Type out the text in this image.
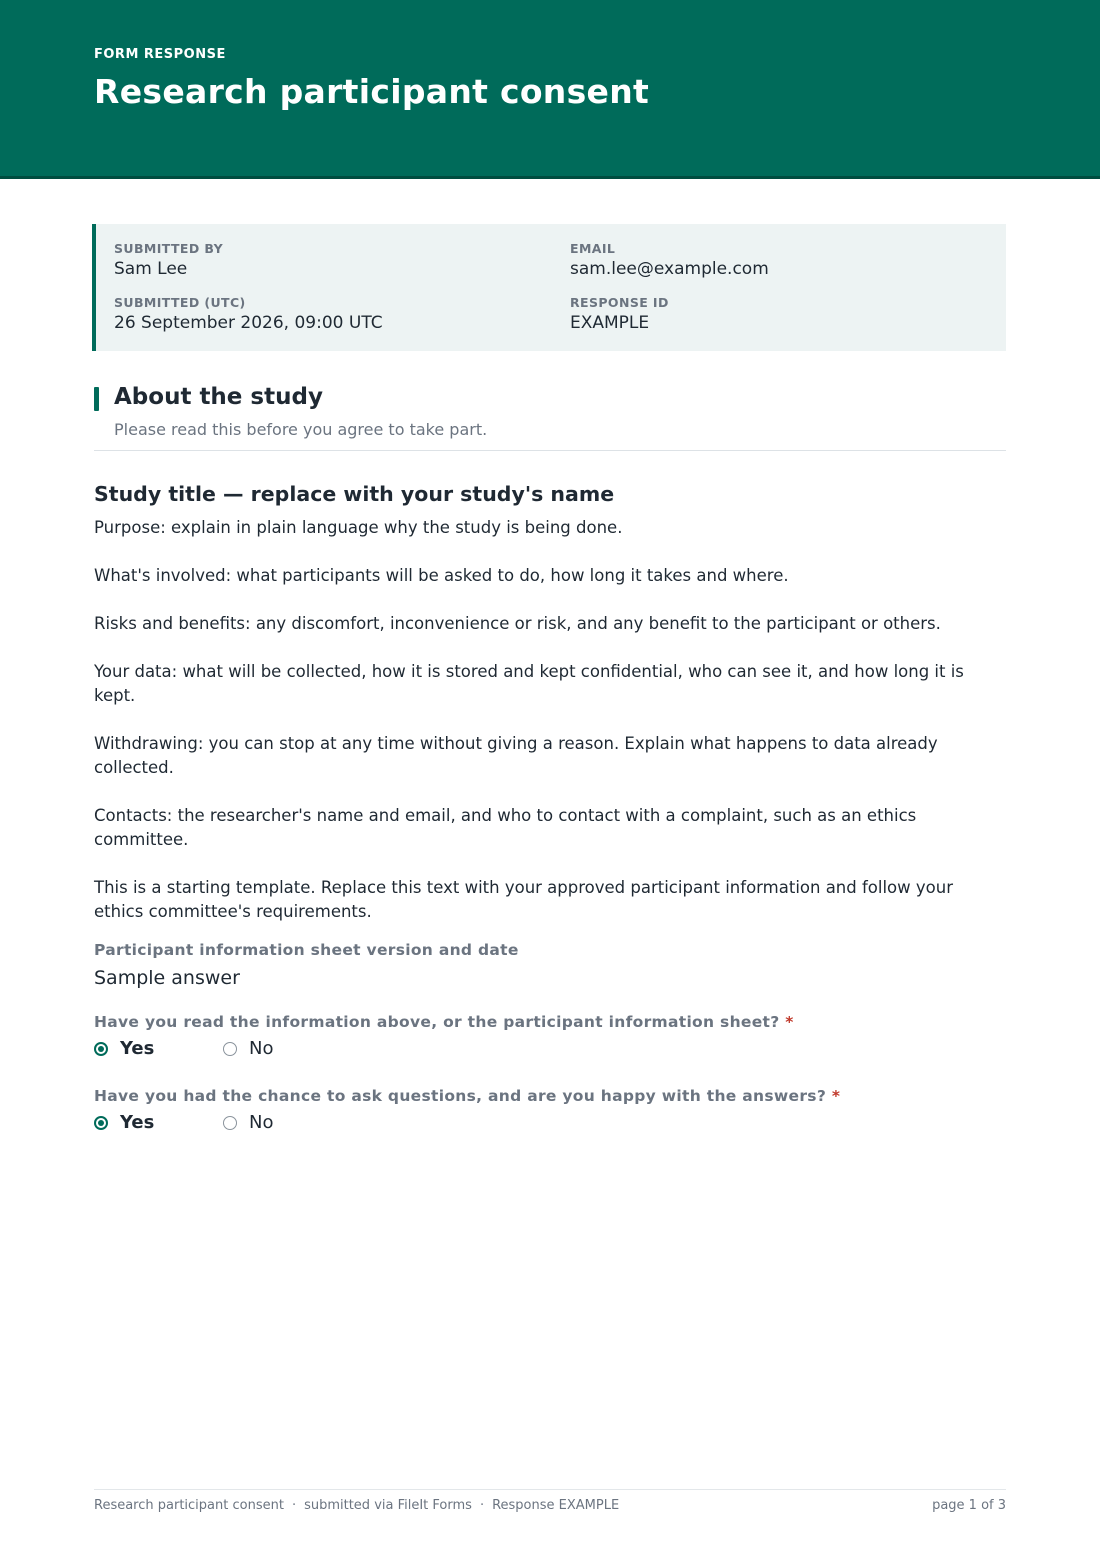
FORM RESPONSE
Research participant consent
SUBMITTED BY
Sam Lee
EMAIL
sam.lee@example.com
SUBMITTED (UTC)
26 September 2026, 09:00 UTC
RESPONSE ID
EXAMPLE
About the study
Please read this before you agree to take part.
Study title — replace with your study's name

Purpose: explain in plain language why the study is being done.

What's involved: what participants will be asked to do, how long it takes and where.

Risks and benefits: any discomfort, inconvenience or risk, and any benefit to the participant or others.

Your data: what will be collected, how it is stored and kept confidential, who can see it, and how long it is kept.

Withdrawing: you can stop at any time without giving a reason. Explain what happens to data already collected.

Contacts: the researcher's name and email, and who to contact with a complaint, such as an ethics committee.

This is a starting template. Replace this text with your approved participant information and follow your ethics committee's requirements.

Participant information sheet version and date
Sample answer
Have you read the information above, or the participant information sheet? *
Yes	No
Have you had the chance to ask questions, and are you happy with the answers? *
Yes	No
Research participant consent · submitted via FileIt Forms · Response EXAMPLE	page 1 of 3
